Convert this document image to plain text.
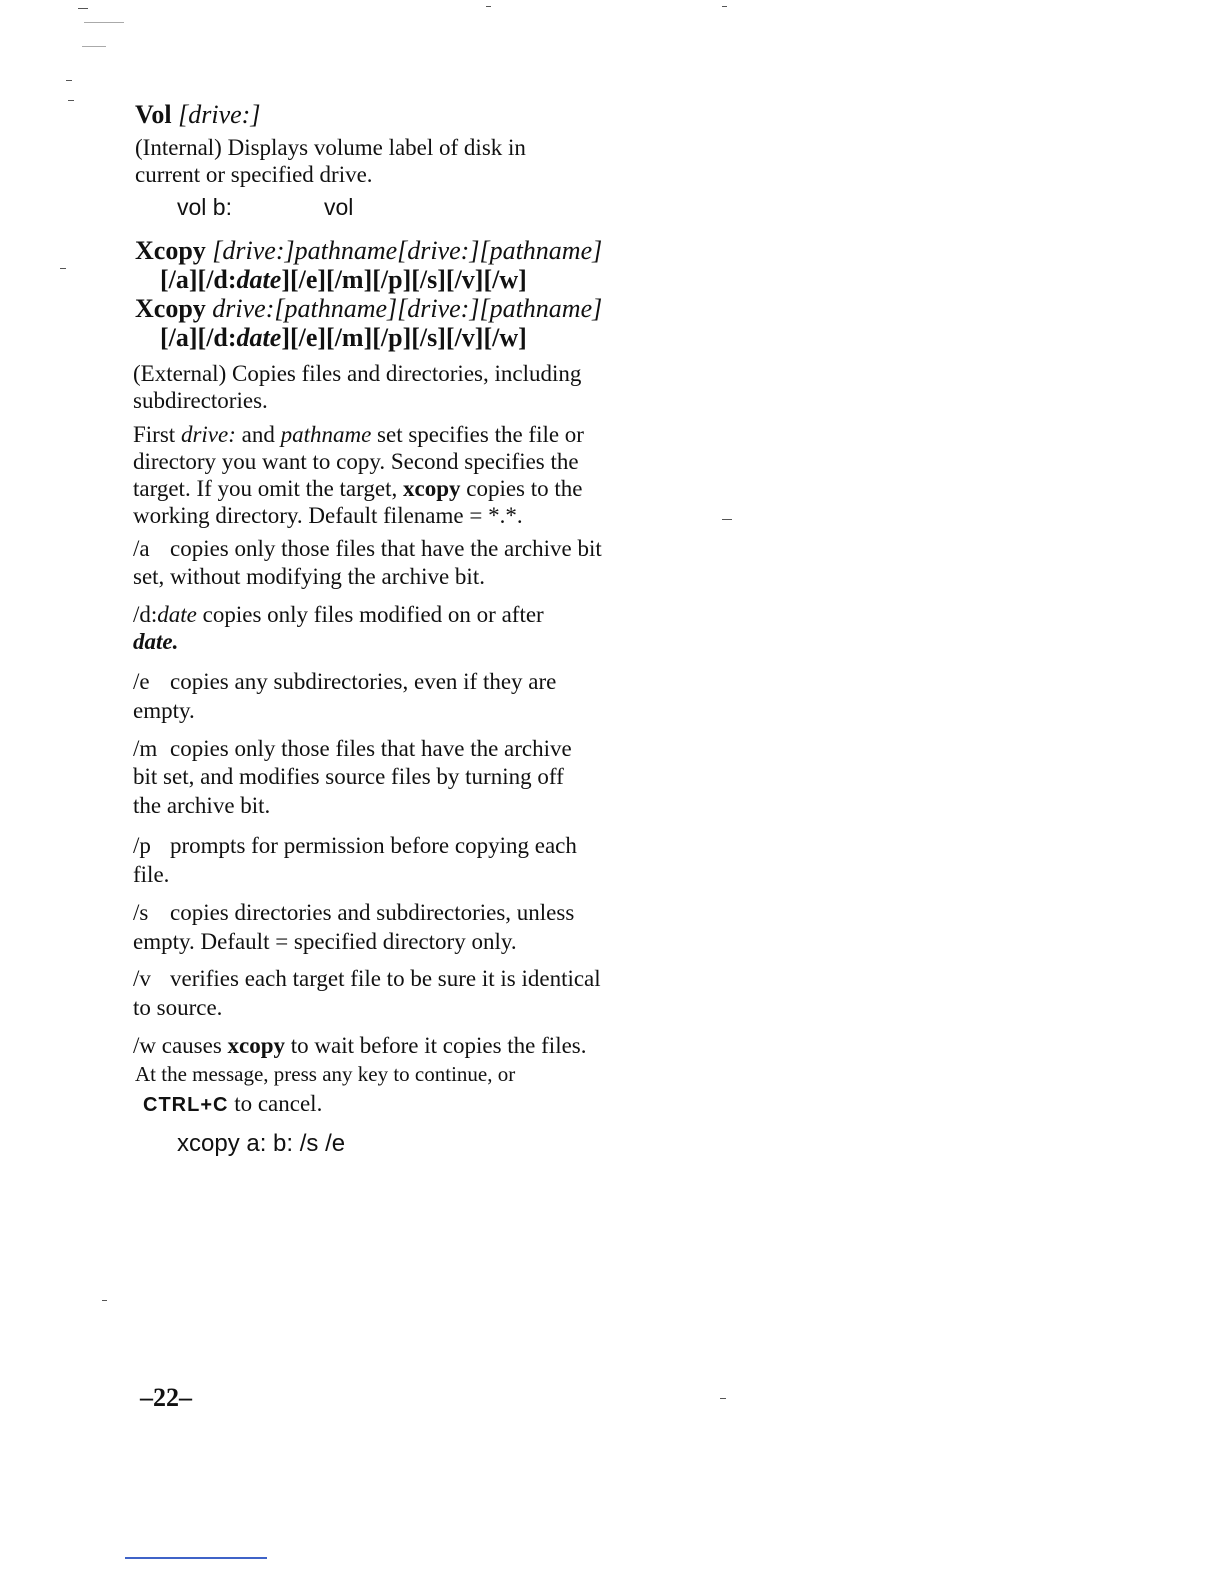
Vol [drive:]
(Internal) Displays volume label of disk in
current or specified drive.
vol b:	vol
Xcopy [drive:]pathname[drive:][pathname]
[/a][/d:date][/e][/m][/p][/s][/v][/w]
Xcopy drive:[pathname][drive:][pathname]
[/a][/d:date][/e][/m][/p][/s][/v][/w]
(External) Copies files and directories, including
subdirectories.
First drive: and pathname set specifies the file or
directory you want to copy. Second specifies the
target. If you omit the target, xcopy copies to the
working directory. Default filename = *.*.
/a copies only those files that have the archive bit
set, without modifying the archive bit.
/d:date copies only files modified on or after
date.
/e copies any subdirectories, even if they are
empty.
/m copies only those files that have the archive
bit set, and modifies source files by turning off
the archive bit.
/p prompts for permission before copying each
file.
/s copies directories and subdirectories, unless
empty. Default = specified directory only.
/v verifies each target file to be sure it is identical
to source.
/w causes xcopy to wait before it copies the files.
At the message, press any key to continue, or
CTRL+C to cancel.
xcopy a: b: /s /e
–22–
